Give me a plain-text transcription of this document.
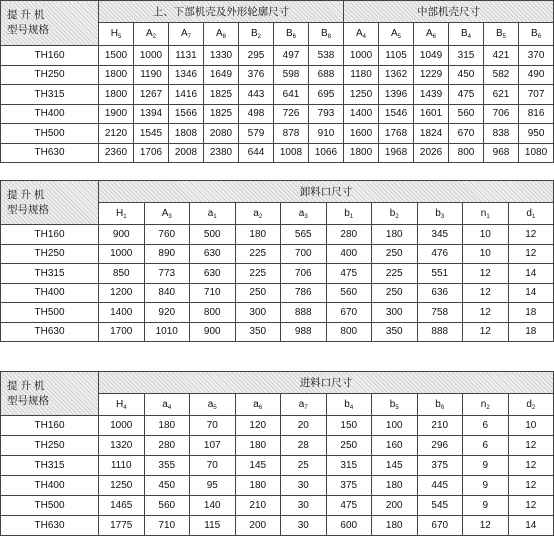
提 升 机
型号规格	上、下部机壳及外形轮廓尺寸							中部机壳尺寸					
	$H_5$	$A_2$	$A_7$	$A_8$	$B_2$	$B_6$	$B_8$	$A_4$	$A_5$	$A_6$	$B_4$	$B_5$	$B_6$
TH160	1500	1000	1131	1330	295	497	538	1000	1105	1049	315	421	370
TH250	1800	1190	1346	1649	376	598	688	1180	1362	1229	450	582	490
TH315	1800	1267	1416	1825	443	641	695	1250	1396	1439	475	621	707
TH400	1900	1394	1566	1825	498	726	793	1400	1546	1601	560	706	816
TH500	2120	1545	1808	2080	579	878	910	1600	1768	1824	670	838	950
TH630	2360	1706	2008	2380	644	1008	1066	1800	1968	2026	800	968	1080
提 升 机
型号规格	卸料口尺寸									
	$H_1$	$A_3$	$a_1$	$a_2$	$a_3$	$b_1$	$b_2$	$b_3$	$n_1$	$d_1$
TH160	900	760	500	180	565	280	180	345	10	12
TH250	1000	890	630	225	700	400	250	476	10	12
TH315	850	773	630	225	706	475	225	551	12	14
TH400	1200	840	710	250	786	560	250	636	12	14
TH500	1400	920	800	300	888	670	300	758	12	18
TH630	1700	1010	900	350	988	800	350	888	12	18
提 升 机
型号规格	进料口尺寸									
	$H_4$	$a_4$	$a_5$	$a_6$	$a_7$	$b_4$	$b_5$	$b_6$	$n_2$	$d_2$
TH160	1000	180	70	120	20	150	100	210	6	10
TH250	1320	280	107	180	28	250	160	296	6	12
TH315	1110	355	70	145	25	315	145	375	9	12
TH400	1250	450	95	180	30	375	180	445	9	12
TH500	1465	560	140	210	30	475	200	545	9	12
TH630	1775	710	115	200	30	600	180	670	12	14
